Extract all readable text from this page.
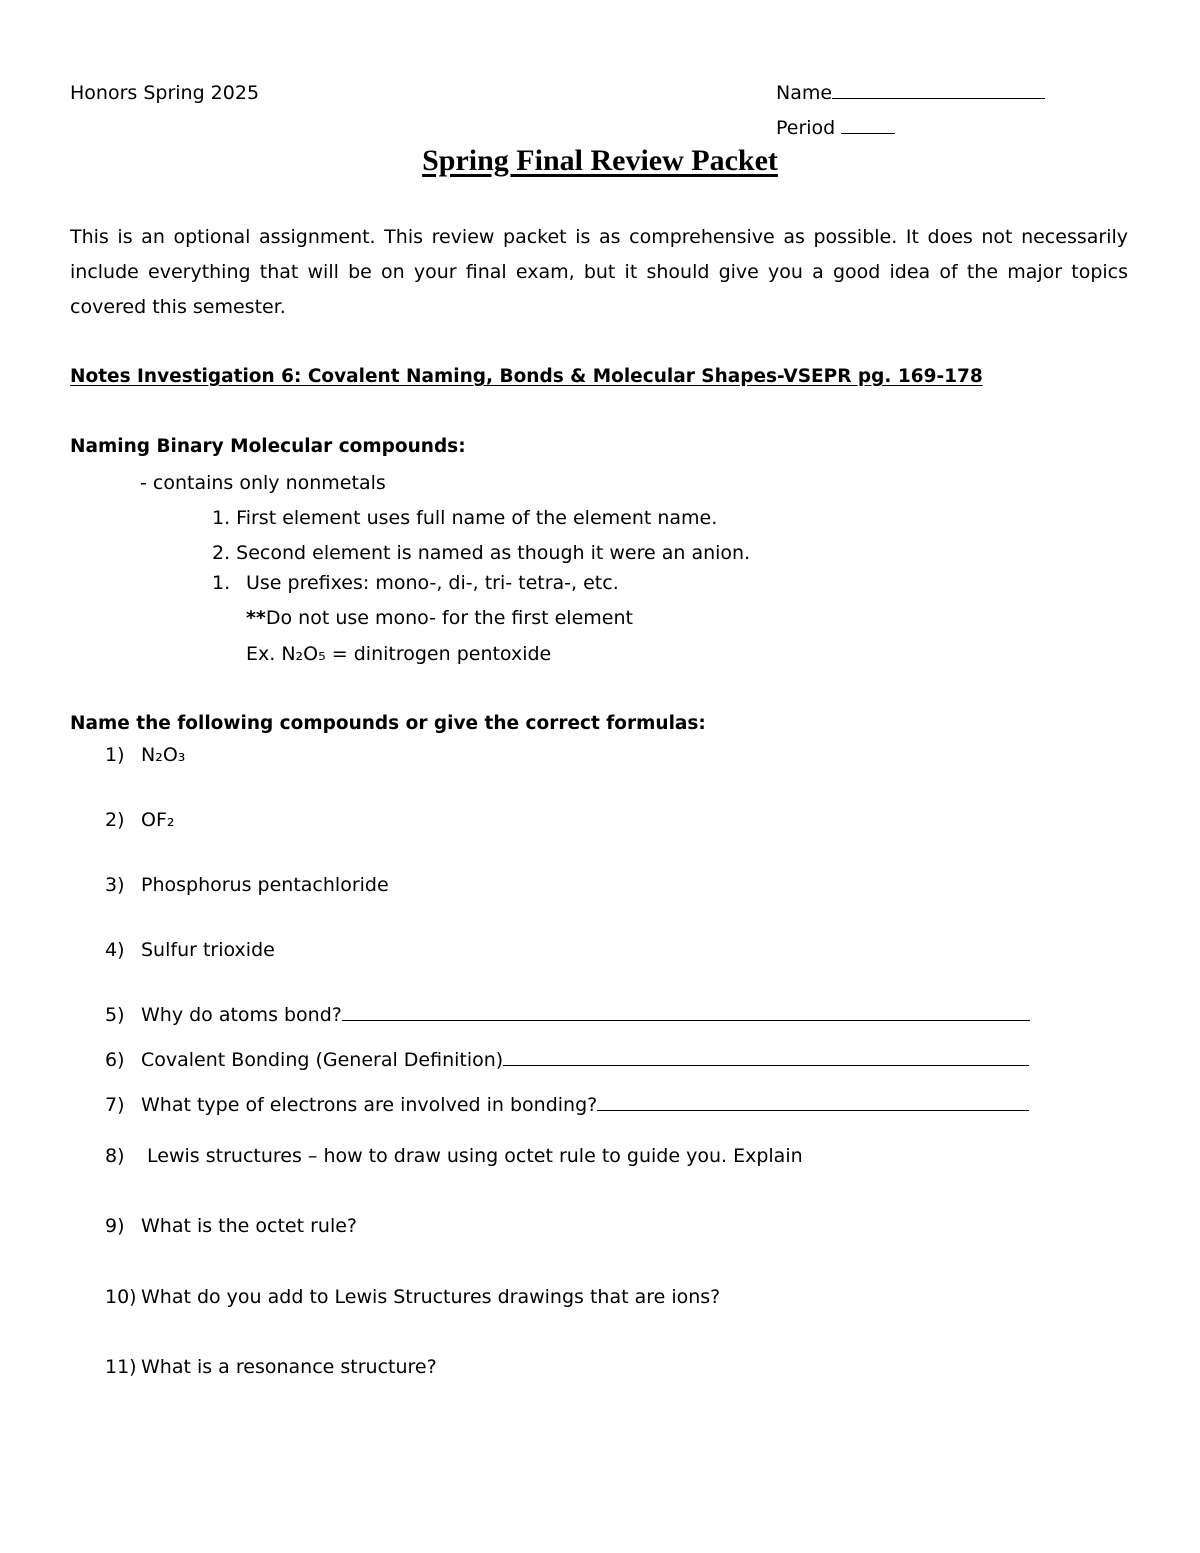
Honors Spring 2025	Name
Period
Spring Final Review Packet
This is an optional assignment. This review packet is as comprehensive as possible. It does not necessarily include everything that will be on your final exam, but it should give you a good idea of the major topics covered this semester.
Notes Investigation 6: Covalent Naming, Bonds & Molecular Shapes-VSEPR pg. 169-178
Naming Binary Molecular compounds:
- contains only nonmetals
1. First element uses full name of the element name.
2. Second element is named as though it were an anion.
1. Use prefixes: mono-, di-, tri- tetra-, etc.
**Do not use mono- for the first element
Ex. N₂O₅ = dinitrogen pentoxide
Name the following compounds or give the correct formulas:
1) N₂O₃
2) OF₂
3) Phosphorus pentachloride
4) Sulfur trioxide
5) Why do atoms bond?
6) Covalent Bonding (General Definition)
7) What type of electrons are involved in bonding?
8) Lewis structures – how to draw using octet rule to guide you. Explain
9) What is the octet rule?
10) What do you add to Lewis Structures drawings that are ions?
11) What is a resonance structure?
